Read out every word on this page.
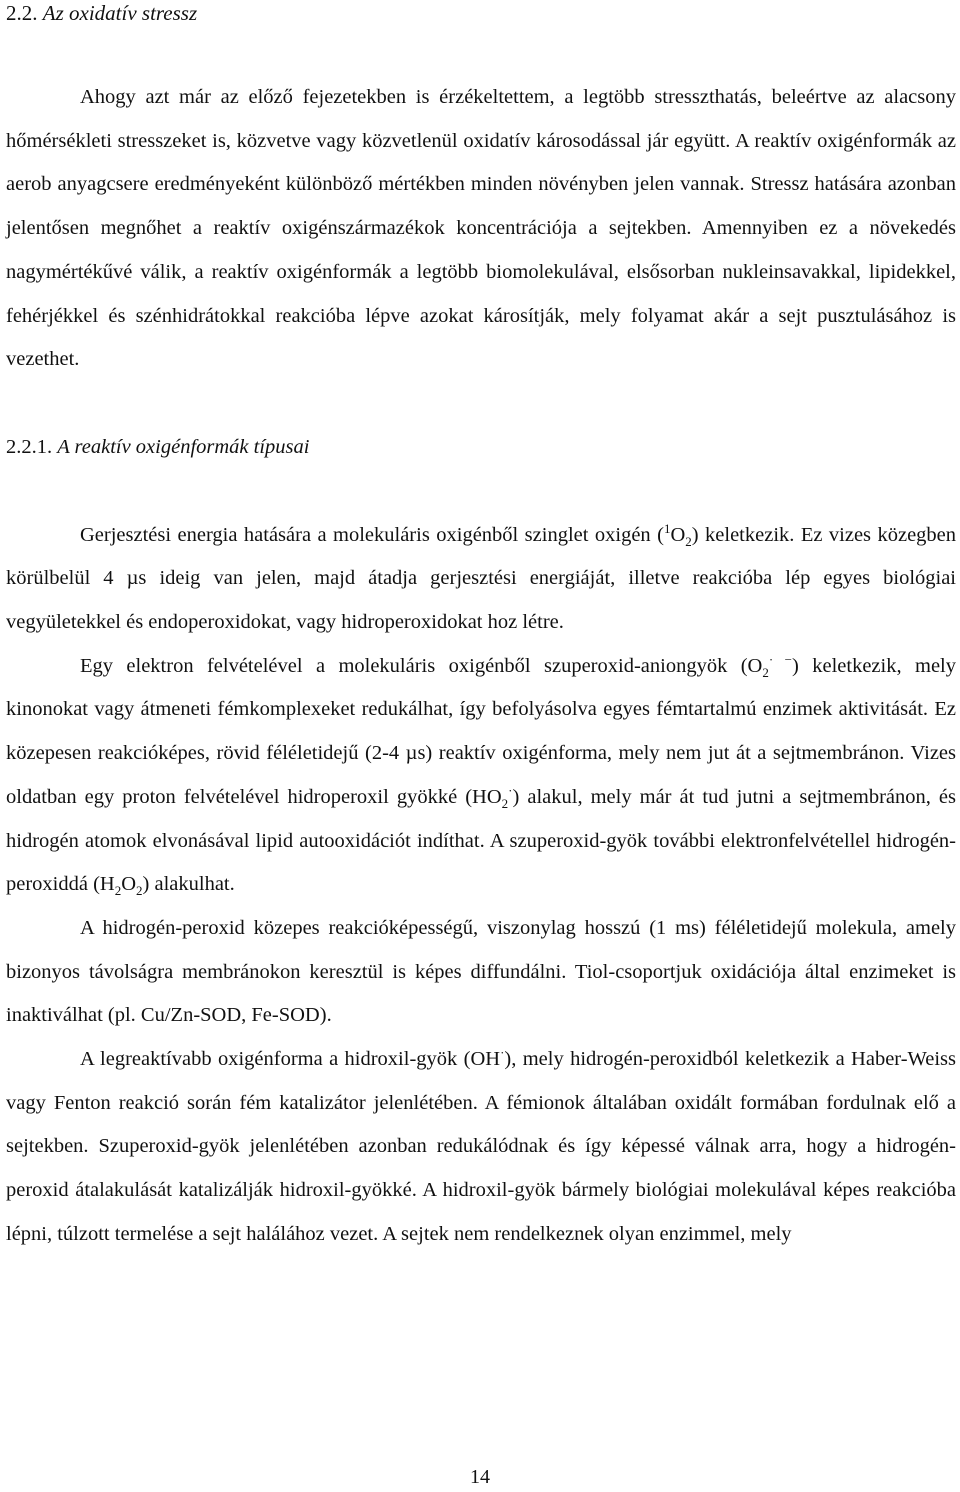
2.2. Az oxidatív stressz

Ahogy azt már az előző fejezetekben is érzékeltettem, a legtöbb stresszthatás, beleértve az alacsony hőmérsékleti stresszeket is, közvetve vagy közvetlenül oxidatív károsodással jár együtt. A reaktív oxigénformák az aerob anyagcsere eredményeként különböző mértékben minden növényben jelen vannak. Stressz hatására azonban jelentősen megnőhet a reaktív oxigénszármazékok koncentrációja a sejtekben. Amennyiben ez a növekedés nagymértékűvé válik, a reaktív oxigénformák a legtöbb biomolekulával, elsősorban nukleinsavakkal, lipidekkel, fehérjékkel és szénhidrátokkal reakcióba lépve azokat károsítják, mely folyamat akár a sejt pusztulásához is vezethet.

2.2.1. A reaktív oxigénformák típusai

Gerjesztési energia hatására a molekuláris oxigénből szinglet oxigén $(^1O_2)$ keletkezik. Ez vizes közegben körülbelül 4 µs ideig van jelen, majd átadja gerjesztési energiáját, illetve reakcióba lép egyes biológiai vegyületekkel és endoperoxidokat, vagy hidroperoxidokat hoz létre.

Egy elektron felvételével a molekuláris oxigénből szuperoxid-aniongyök $(O_2^{\cdot -})$ keletkezik, mely kinonokat vagy átmeneti fémkomplexeket redukálhat, így befolyásolva egyes fémtartalmú enzimek aktivitását. Ez közepesen reakcióképes, rövid féléletidejű (2-4 µs) reaktív oxigénforma, mely nem jut át a sejtmembránon. Vizes oldatban egy proton felvételével hidroperoxil gyökké $(HO_2^\cdot)$ alakul, mely már át tud jutni a sejtmembránon, és hidrogén atomok elvonásával lipid autooxidációt indíthat. A szuperoxid-gyök további elektronfelvétellel hidrogén-peroxiddá $(H_2O_2)$ alakulhat.

A hidrogén-peroxid közepes reakcióképességű, viszonylag hosszú (1 ms) féléletidejű molekula, amely bizonyos távolságra membránokon keresztül is képes diffundálni. Tiol-csoportjuk oxidációja által enzimeket is inaktiválhat (pl. Cu/Zn-SOD, Fe-SOD).

A legreaktívabb oxigénforma a hidroxil-gyök (OH·), mely hidrogén-peroxidból keletkezik a Haber-Weiss vagy Fenton reakció során fém katalizátor jelenlétében. A fémionok általában oxidált formában fordulnak elő a sejtekben. Szuperoxid-gyök jelenlétében azonban redukálódnak és így képessé válnak arra, hogy a hidrogén-peroxid átalakulását katalizálják hidroxil-gyökké. A hidroxil-gyök bármely biológiai molekulával képes reakcióba lépni, túlzott termelése a sejt halálához vezet. A sejtek nem rendelkeznek olyan enzimmel, mely

14
